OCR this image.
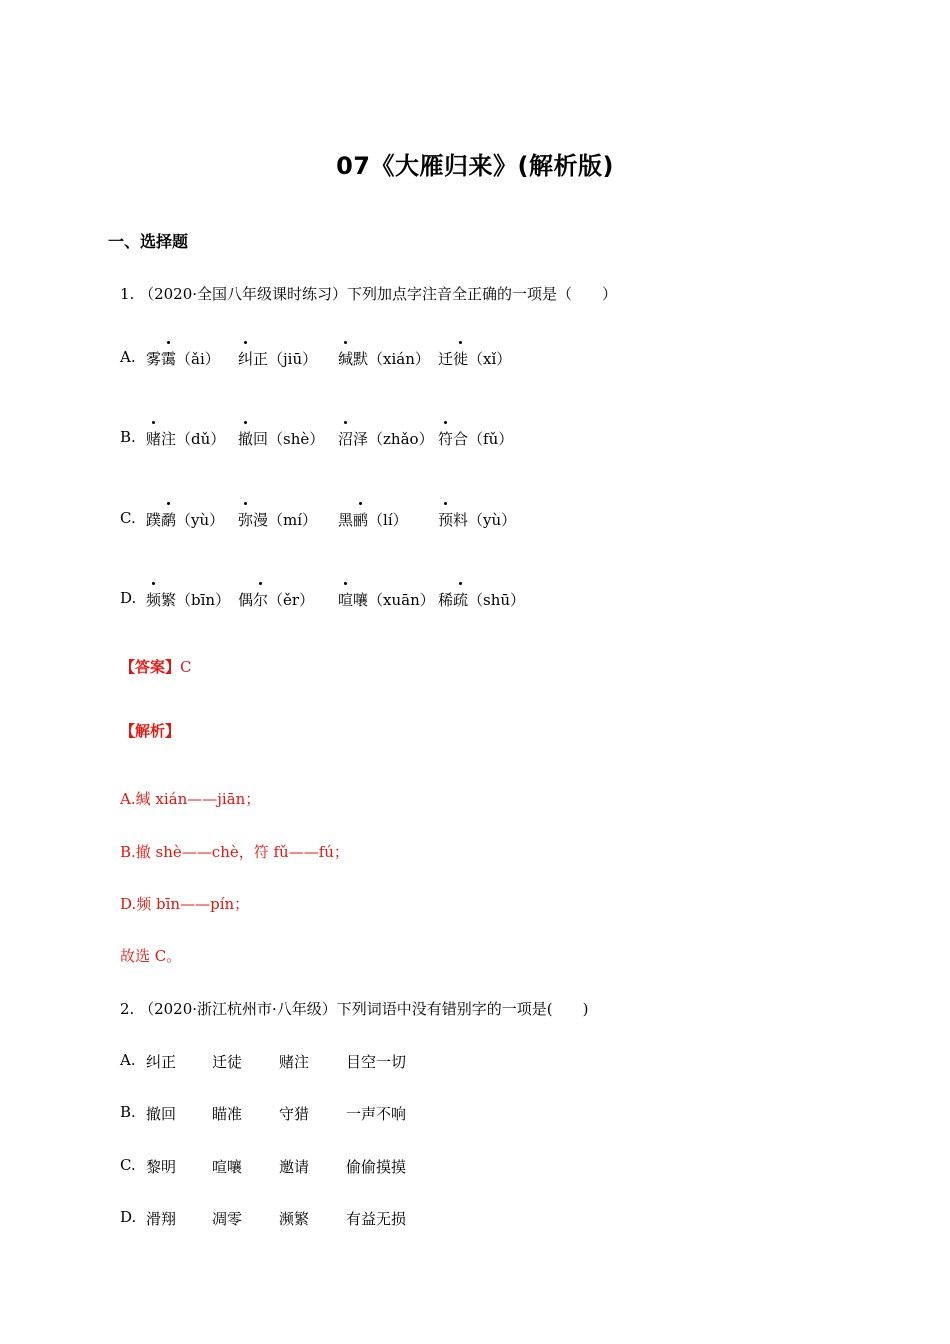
07《大雁归来》(解析版)
一、选择题
1. （2020·全国八年级课时练习）下列加点字注音全正确的一项是（　　）
A. 雾霭（ǎi） 纠正（jiū） 缄默（xián） 迁徙（xǐ）
B. 赌注（dǔ） 撤回（shè） 沼泽（zhǎo） 符合（fǔ）
C. 蹼鹬（yù） 弥漫（mí） 黑鹂（lí） 预料（yù）
D. 频繁（bīn） 偶尔（ěr） 喧嚷（xuān） 稀疏（shū）
【答案】C
【解析】
A.缄 xián——jiān；
B.撤 shè——chè，符 fǔ——fú；
D.频 bīn——pín；
故选 C。
2. （2020·浙江杭州市·八年级）下列词语中没有错别字的一项是(　　)
A. 纠正 迁徒 赌注 目空一切
B. 撤回 瞄准 守猎 一声不响
C. 黎明 喧嚷 邀请 偷偷摸摸
D. 滑翔 凋零 濒繁 有益无损
